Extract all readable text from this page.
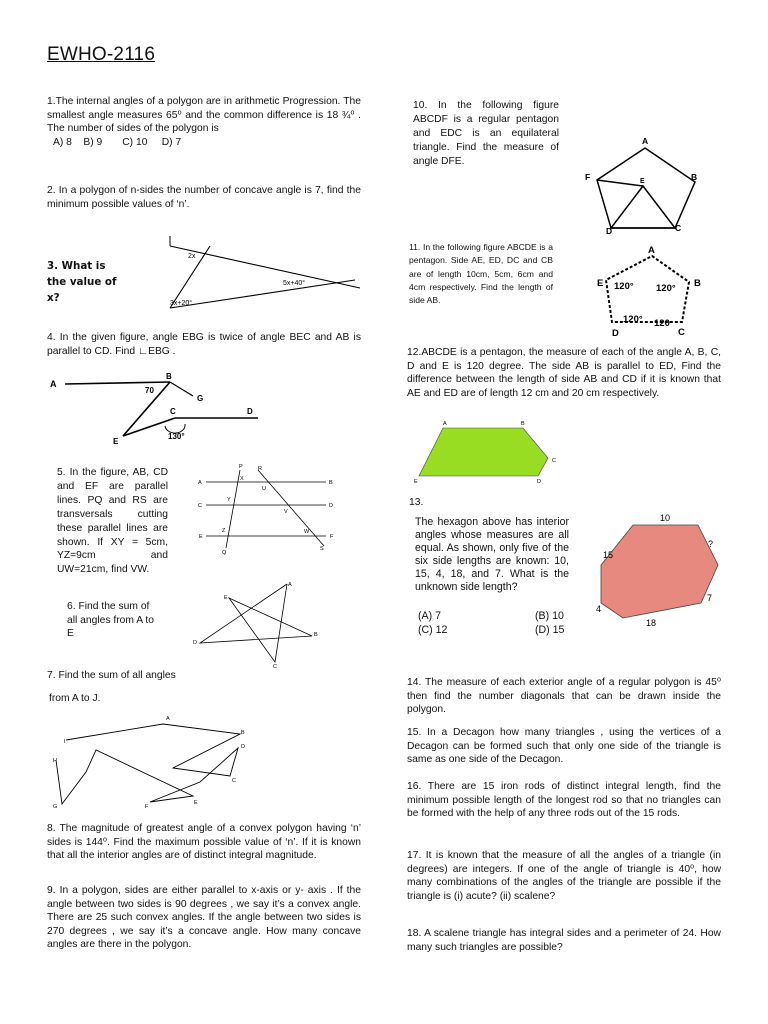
EWHO-2116
1.The internal angles of a polygon are in arithmetic Progression. The smallest angle measures 65⁰ and the common difference is 18 ¾⁰ . The number of sides of the polygon is
A) 8    B) 9       C) 10     D) 7
2. In a polygon of n-sides the number of concave angle is 7, find the minimum possible values of ‘n’.
3. What is the value of x?
2x
5x+40°
3x+20°
4. In the given figure, angle EBG is twice of angle BEC and AB is parallel to CD. Find ∟EBG .
A
B
70
G
C	D
E
130°
5. In the figure, AB, CD and EF are parallel lines. PQ and RS are transversals cutting these parallel lines are shown. If XY = 5cm, YZ=9cm and UW=21cm, find VW.
P	R
A
X
U
B
C
Y
V
D
E
Z	W
F
Q
S
6. Find the sum of all angles from A to E
A
B
C
D
E
7. Find the sum of all angles
from A to J.
A
B
I
H
D
C
G	F
E
8. The magnitude of greatest angle of a convex polygon having ‘n’ sides is 144⁰. Find the maximum possible value of ‘n’. If it is known that all the interior angles are of distinct integral magnitude.
9. In a polygon, sides are either parallel to x-axis or y- axis . If the angle between two sides is 90 degrees , we say it’s a convex angle. There are 25 such convex angles. If the angle between two sides is 270 degrees , we say it’s a concave angle. How many concave angles are there in the polygon.
10. In the following figure ABCDF is a regular pentagon and EDC is an equilateral triangle. Find the measure of angle DFE.
A
F	E	B
D	C
11. In the following figure ABCDE is a pentagon. Side AE, ED, DC and CB are of length 10cm, 5cm, 6cm and 4cm respectively. Find the length of side AB.
A
E 120° 120° B
120° 120
D	C
12.ABCDE is a pentagon, the measure of each of the angle A, B, C, D and E is 120 degree. The side AB is parallel to ED, Find the difference between the length of side AB and CD if it is known that AE and ED are of length 12 cm and 20 cm respectively.
A	B
C
E	D
13.
The hexagon above has interior angles whose measures are all equal. As shown, only five of the six side lengths are known: 10, 15, 4, 18, and 7. What is the unknown side length?
(A) 7	(B) 10
(C) 12	(D) 15
10
?
15
7
4
18
14. The measure of each exterior angle of a regular polygon is 45⁰ then find the number diagonals that can be drawn inside the polygon.
15. In a Decagon how many triangles , using the vertices of a Decagon can be formed such that only one side of the triangle is same as one side of the Decagon.
16. There are 15 iron rods of distinct integral length, find the minimum possible length of the longest rod so that no triangles can be formed with the help of any three rods out of the 15 rods.
17. It is known that the measure of all the angles of a triangle (in degrees) are integers. If one of the angle of triangle is 40⁰, how many combinations of the angles of the triangle are possible if the triangle is (i) acute? (ii) scalene?
18. A scalene triangle has integral sides and a perimeter of 24. How many such triangles are possible?
